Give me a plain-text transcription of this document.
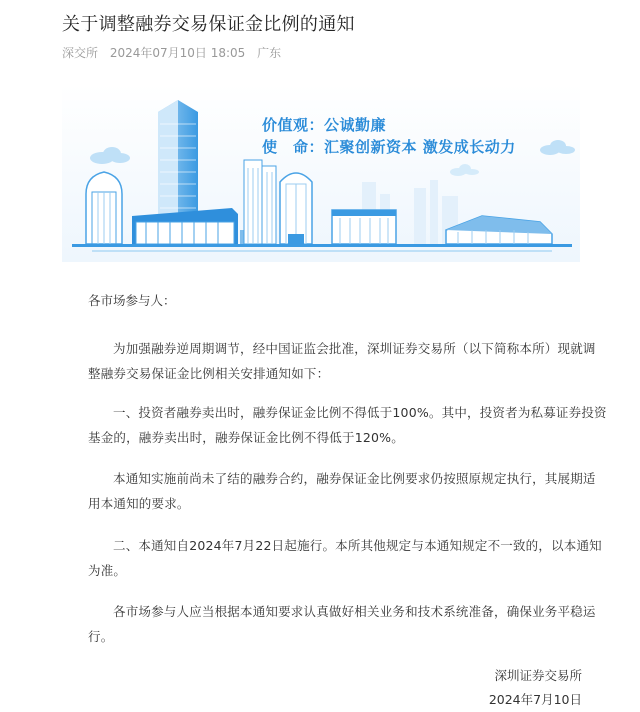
关于调整融券交易保证金比例的通知
深交所 2024年07月10日 18:05 广东
价值观：公诚勤廉
使　命：汇聚创新资本 激发成长动力

各市场参与人：

为加强融券逆周期调节，经中国证监会批准，深圳证券交易所（以下简称本所）现就调整融券交易保证金比例相关安排通知如下：

一、投资者融券卖出时，融券保证金比例不得低于100%。其中，投资者为私募证券投资基金的，融券卖出时，融券保证金比例不得低于120%。

本通知实施前尚未了结的融券合约，融券保证金比例要求仍按照原规定执行，其展期适用本通知的要求。

二、本通知自2024年7月22日起施行。本所其他规定与本通知规定不一致的，以本通知为准。

各市场参与人应当根据本通知要求认真做好相关业务和技术系统准备，确保业务平稳运行。

深圳证券交易所
2024年7月10日
